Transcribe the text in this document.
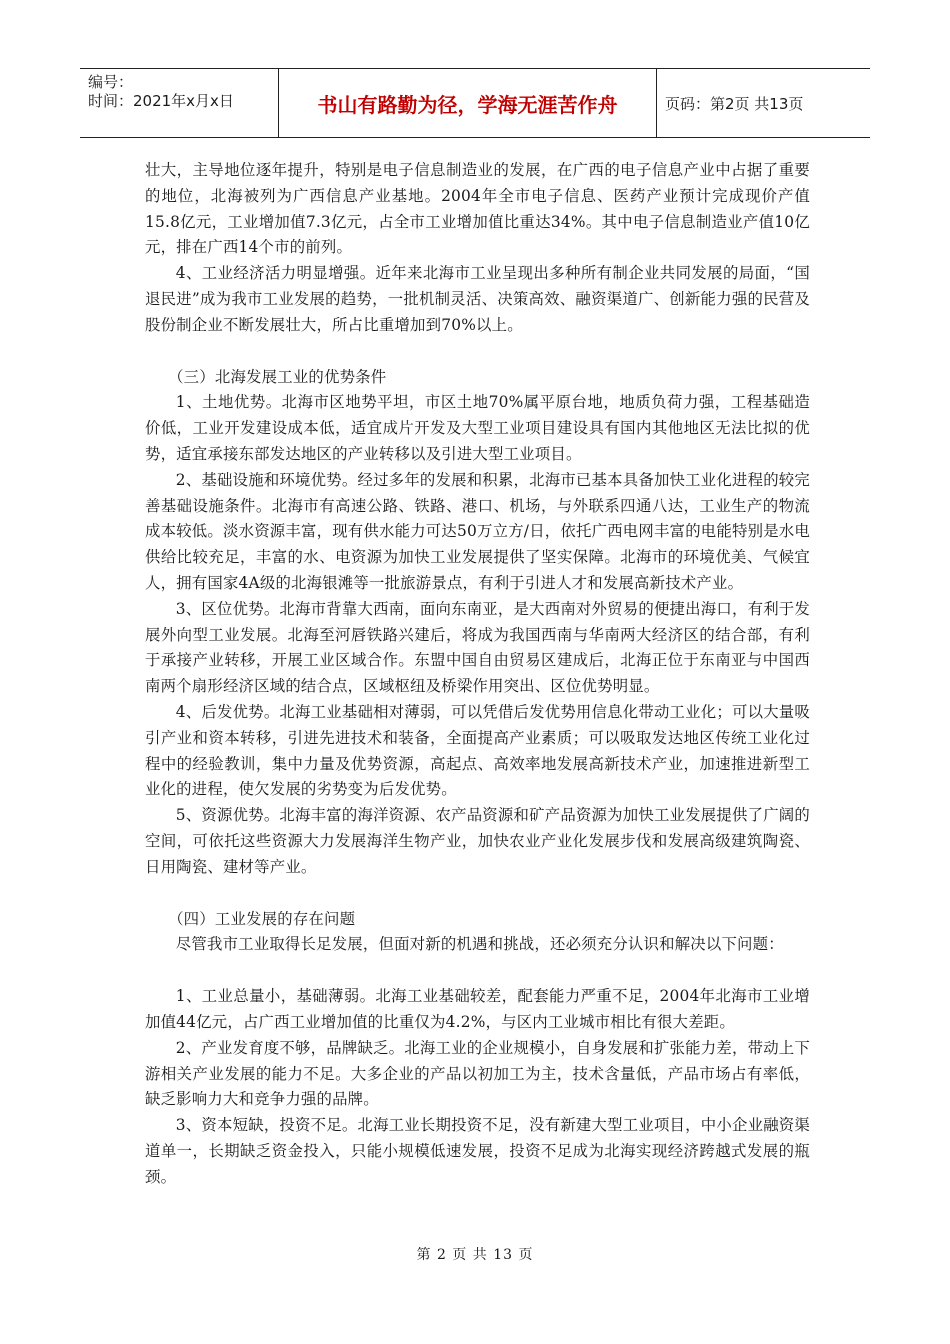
编号：
时间：2021年x月x日	书山有路勤为径，学海无涯苦作舟	页码：第2页 共13页

壮大，主导地位逐年提升，特别是电子信息制造业的发展，在广西的电子信息产业中占据了重要的地位，北海被列为广西信息产业基地。2004年全市电子信息、医药产业预计完成现价产值15.8亿元，工业增加值7.3亿元，占全市工业增加值比重达34%。其中电子信息制造业产值10亿元，排在广西14个市的前列。

4、工业经济活力明显增强。近年来北海市工业呈现出多种所有制企业共同发展的局面，“国退民进”成为我市工业发展的趋势，一批机制灵活、决策高效、融资渠道广、创新能力强的民营及股份制企业不断发展壮大，所占比重增加到70%以上。

（三）北海发展工业的优势条件

1、土地优势。北海市区地势平坦，市区土地70%属平原台地，地质负荷力强，工程基础造价低，工业开发建设成本低，适宜成片开发及大型工业项目建设具有国内其他地区无法比拟的优势，适宜承接东部发达地区的产业转移以及引进大型工业项目。

2、基础设施和环境优势。经过多年的发展和积累，北海市已基本具备加快工业化进程的较完善基础设施条件。北海市有高速公路、铁路、港口、机场，与外联系四通八达，工业生产的物流成本较低。淡水资源丰富，现有供水能力可达50万立方/日，依托广西电网丰富的电能特别是水电供给比较充足，丰富的水、电资源为加快工业发展提供了坚实保障。北海市的环境优美、气候宜人，拥有国家4A级的北海银滩等一批旅游景点，有利于引进人才和发展高新技术产业。

3、区位优势。北海市背靠大西南，面向东南亚，是大西南对外贸易的便捷出海口，有利于发展外向型工业发展。北海至河唇铁路兴建后，将成为我国西南与华南两大经济区的结合部，有利于承接产业转移，开展工业区域合作。东盟中国自由贸易区建成后，北海正位于东南亚与中国西南两个扇形经济区域的结合点，区域枢纽及桥梁作用突出、区位优势明显。

4、后发优势。北海工业基础相对薄弱，可以凭借后发优势用信息化带动工业化；可以大量吸引产业和资本转移，引进先进技术和装备，全面提高产业素质；可以吸取发达地区传统工业化过程中的经验教训，集中力量及优势资源，高起点、高效率地发展高新技术产业，加速推进新型工业化的进程，使欠发展的劣势变为后发优势。

5、资源优势。北海丰富的海洋资源、农产品资源和矿产品资源为加快工业发展提供了广阔的空间，可依托这些资源大力发展海洋生物产业，加快农业产业化发展步伐和发展高级建筑陶瓷、日用陶瓷、建材等产业。

（四）工业发展的存在问题

尽管我市工业取得长足发展，但面对新的机遇和挑战，还必须充分认识和解决以下问题：

1、工业总量小，基础薄弱。北海工业基础较差，配套能力严重不足，2004年北海市工业增加值44亿元，占广西工业增加值的比重仅为4.2%，与区内工业城市相比有很大差距。

2、产业发育度不够，品牌缺乏。北海工业的企业规模小，自身发展和扩张能力差，带动上下游相关产业发展的能力不足。大多企业的产品以初加工为主，技术含量低，产品市场占有率低，缺乏影响力大和竞争力强的品牌。

3、资本短缺，投资不足。北海工业长期投资不足，没有新建大型工业项目，中小企业融资渠道单一，长期缺乏资金投入，只能小规模低速发展，投资不足成为北海实现经济跨越式发展的瓶颈。

第 2 页 共 13 页
